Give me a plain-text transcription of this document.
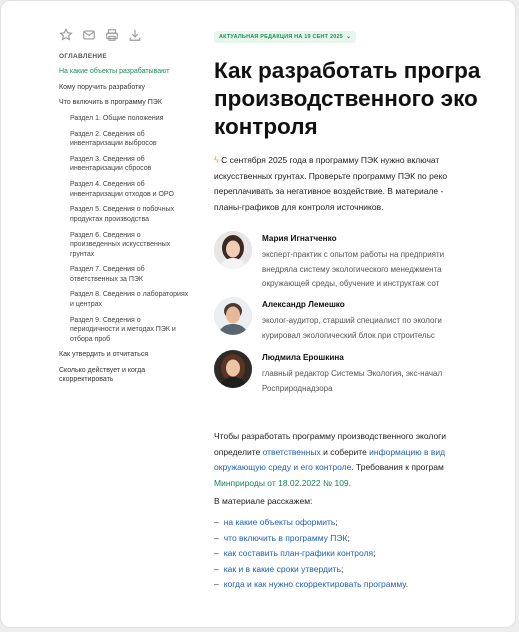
ОГЛАВЛЕНИЕ
На какие объекты разрабатывают
Кому поручить разработку
Что включить в программу ПЭК
Раздел 1. Общие положения
Раздел 2. Сведения об инвентаризации выбросов
Раздел 3. Сведения об инвентаризации сбросов
Раздел 4. Сведения об инвентаризации отходов и ОРО
Раздел 5. Сведения о побочных продуктах производства
Раздел 6. Сведения о произведенных искусственных грунтах
Раздел 7. Сведения об ответственных за ПЭК
Раздел 8. Сведения о лабораториях и центрах
Раздел 9. Сведения о периодичности и методах ПЭК и отбора проб
Как утвердить и отчитаться
Сколько действует и когда скорректировать
АКТУАЛЬНАЯ РЕДАКЦИЯ НА 19 СЕНТ 2025 ⌄
Как разработать програ
производственного эко
контроля
ϟ С сентября 2025 года в программу ПЭК нужно включат
искусственных грунтах. Проверьте программу ПЭК по реко
переплачивать за негативное воздействие. В материале -
планы-графиков для контроля источников.
Мария Игнатченко
эксперт-практик с опытом работы на предприяти
внедряла систему экологического менеджмента
окружающей среды, обучение и инструктаж сот
Александр Лемешко
эколог-аудитор, старший специалист по экологи
курировал экологический блок при строительс
Людмила Ерошкина
главный редактор Системы Экология, экс-начал
Росприроднадзора
Чтобы разработать программу производственного экологи
определите ответственных и соберите информацию в вид
окружающую среду и его контроле. Требования к програм
Минприроды от 18.02.2022 № 109.
В материале расскажем:
– на какие объекты оформить;
– что включить в программу ПЭК;
– как составить план-графики контроля;
– как и в какие сроки утвердить;
– когда и как нужно скорректировать программу.
